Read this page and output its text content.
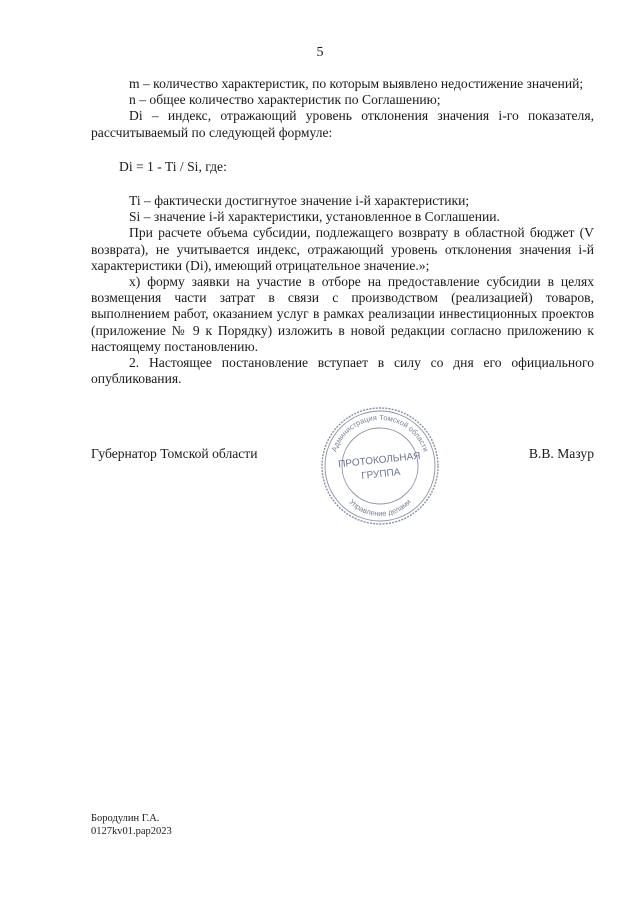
5

m – количество характеристик, по которым выявлено недостижение значений;

n – общее количество характеристик по Соглашению;

Di – индекс, отражающий уровень отклонения значения i-го показателя, рассчитываемый по следующей формуле:

Di = 1 - Ti / Si, где:

Ti – фактически достигнутое значение i-й характеристики;

Si – значение i-й характеристики, установленное в Соглашении.

При расчете объема субсидии, подлежащего возврату в областной бюджет (V возврата), не учитывается индекс, отражающий уровень отклонения значения i-й характеристики (Di), имеющий отрицательное значение.»;

х) форму заявки на участие в отборе на предоставление субсидии в целях возмещения части затрат в связи с производством (реализацией) товаров, выполнением работ, оказанием услуг в рамках реализации инвестиционных проектов (приложение № 9 к Порядку) изложить в новой редакции согласно приложению к настоящему постановлению.

2. Настоящее постановление вступает в силу со дня его официального опубликования.

Губернатор Томской области	В.В. Мазур
Администрация Томской области
Управление делами
ПРОТОКОЛЬНАЯ
ГРУППА
Бородулин Г.А.
0127kv01.pap2023
